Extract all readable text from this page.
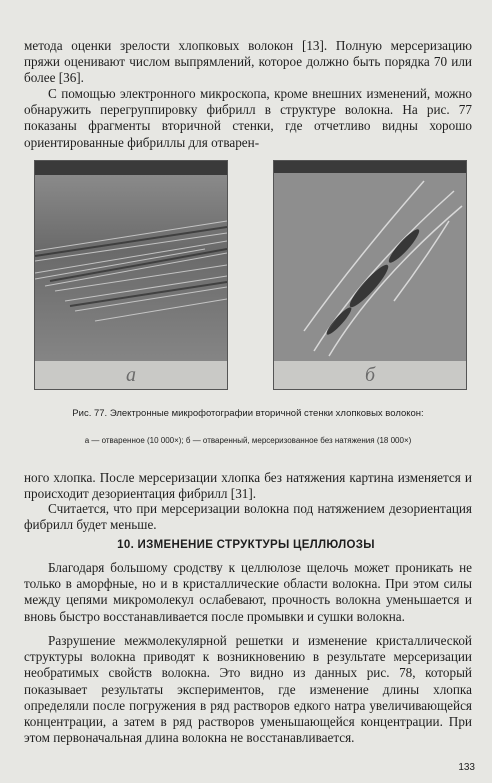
метода оценки зрелости хлопковых волокон [13]. Полную мерсеризацию пряжи оценивают числом выпрямлений, которое должно быть порядка 70 или более [36].

С помощью электронного микроскопа, кроме внешних изменений, можно обнаружить перегруппировку фибрилл в структуре волокна. На рис. 77 показаны фрагменты вторичной стенки, где отчетливо видны хорошо ориентированные фибриллы для отварен-

а	б

Рис. 77. Электронные микрофотографии вторичной стенки хлопковых волокон:

а — отваренное (10 000×); б — отваренный, мерсеризованное без натяжения (18 000×)

ного хлопка. После мерсеризации хлопка без натяжения картина изменяется и происходит дезориентация фибрилл [31].

Считается, что при мерсеризации волокна под натяжением дезориентация фибрилл будет меньше.

10. ИЗМЕНЕНИЕ СТРУКТУРЫ ЦЕЛЛЮЛОЗЫ

Благодаря большому сродству к целлюлозе щелочь может проникать не только в аморфные, но и в кристаллические области волокна. При этом силы между цепями микромолекул ослабевают, прочность волокна уменьшается и вновь быстро восстанавливается после промывки и сушки волокна.

Разрушение межмолекулярной решетки и изменение кристаллической структуры волокна приводят к возникновению в результате мерсеризации необратимых свойств волокна. Это видно из данных рис. 78, который показывает результаты экспериментов, где изменение длины хлопка определяли после погружения в ряд растворов едкого натра увеличивающейся концентрации, а затем в ряд растворов уменьшающейся концентрации. При этом первоначальная длина волокна не восстанавливается.

133
